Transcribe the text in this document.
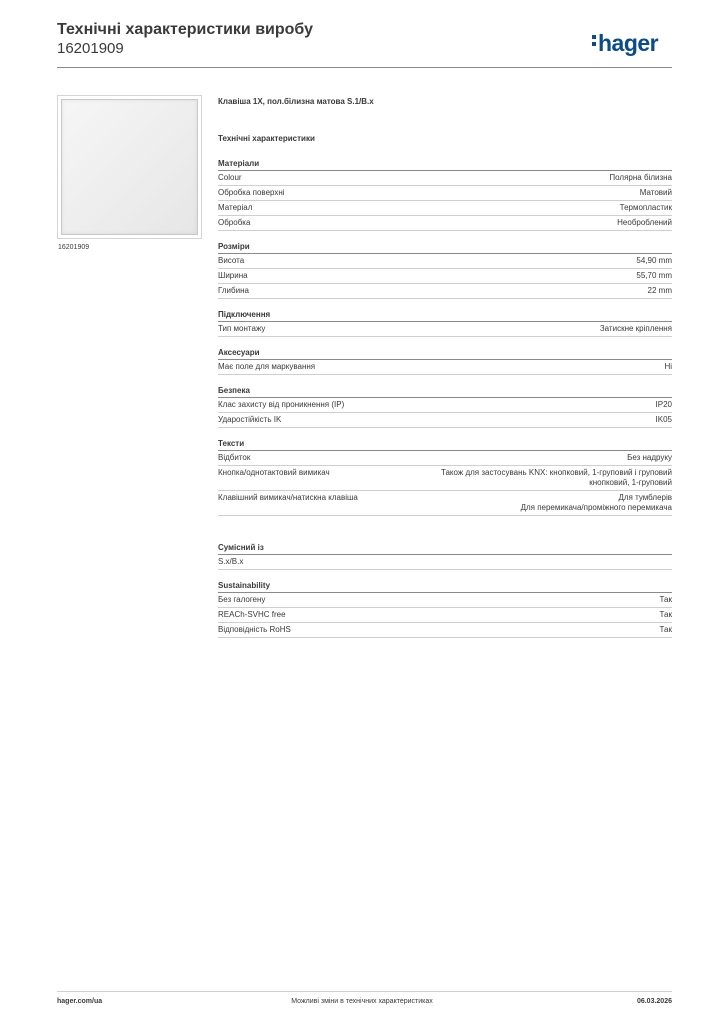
Технічні характеристики виробу
16201909	hager
16201909
Клавіша 1X, пол.білизна матова S.1/B.x
Технічні характеристики
Матеріали
Colour	Полярна білизна
Обробка поверхні	Матовий
Матеріал	Термопластик
Обробка	Необроблений
Розміри
Висота	54,90 mm
Ширина	55,70 mm
Глибина	22 mm
Підключення
Тип монтажу	Затискне кріплення
Аксесуари
Має поле для маркування	Ні
Безпека
Клас захисту від проникнення (IP)	IP20
Ударостійкість IK	IK05
Тексти
Відбиток	Без надруку
Кнопка/однотактовий вимикач	Також для застосувань KNX: кнопковий, 1-груповий і груповий
кнопковий, 1-груповий
Клавішний вимикач/натискна клавіша	Для тумблерів
Для перемикача/проміжного перемикача
Сумісний із
S.x/B.x
Sustainability
Без галогену	Так
REACh-SVHC free	Так
Відповідність RoHS	Так
hager.com/ua	Можливі зміни в технічних характеристиках	06.03.2026
